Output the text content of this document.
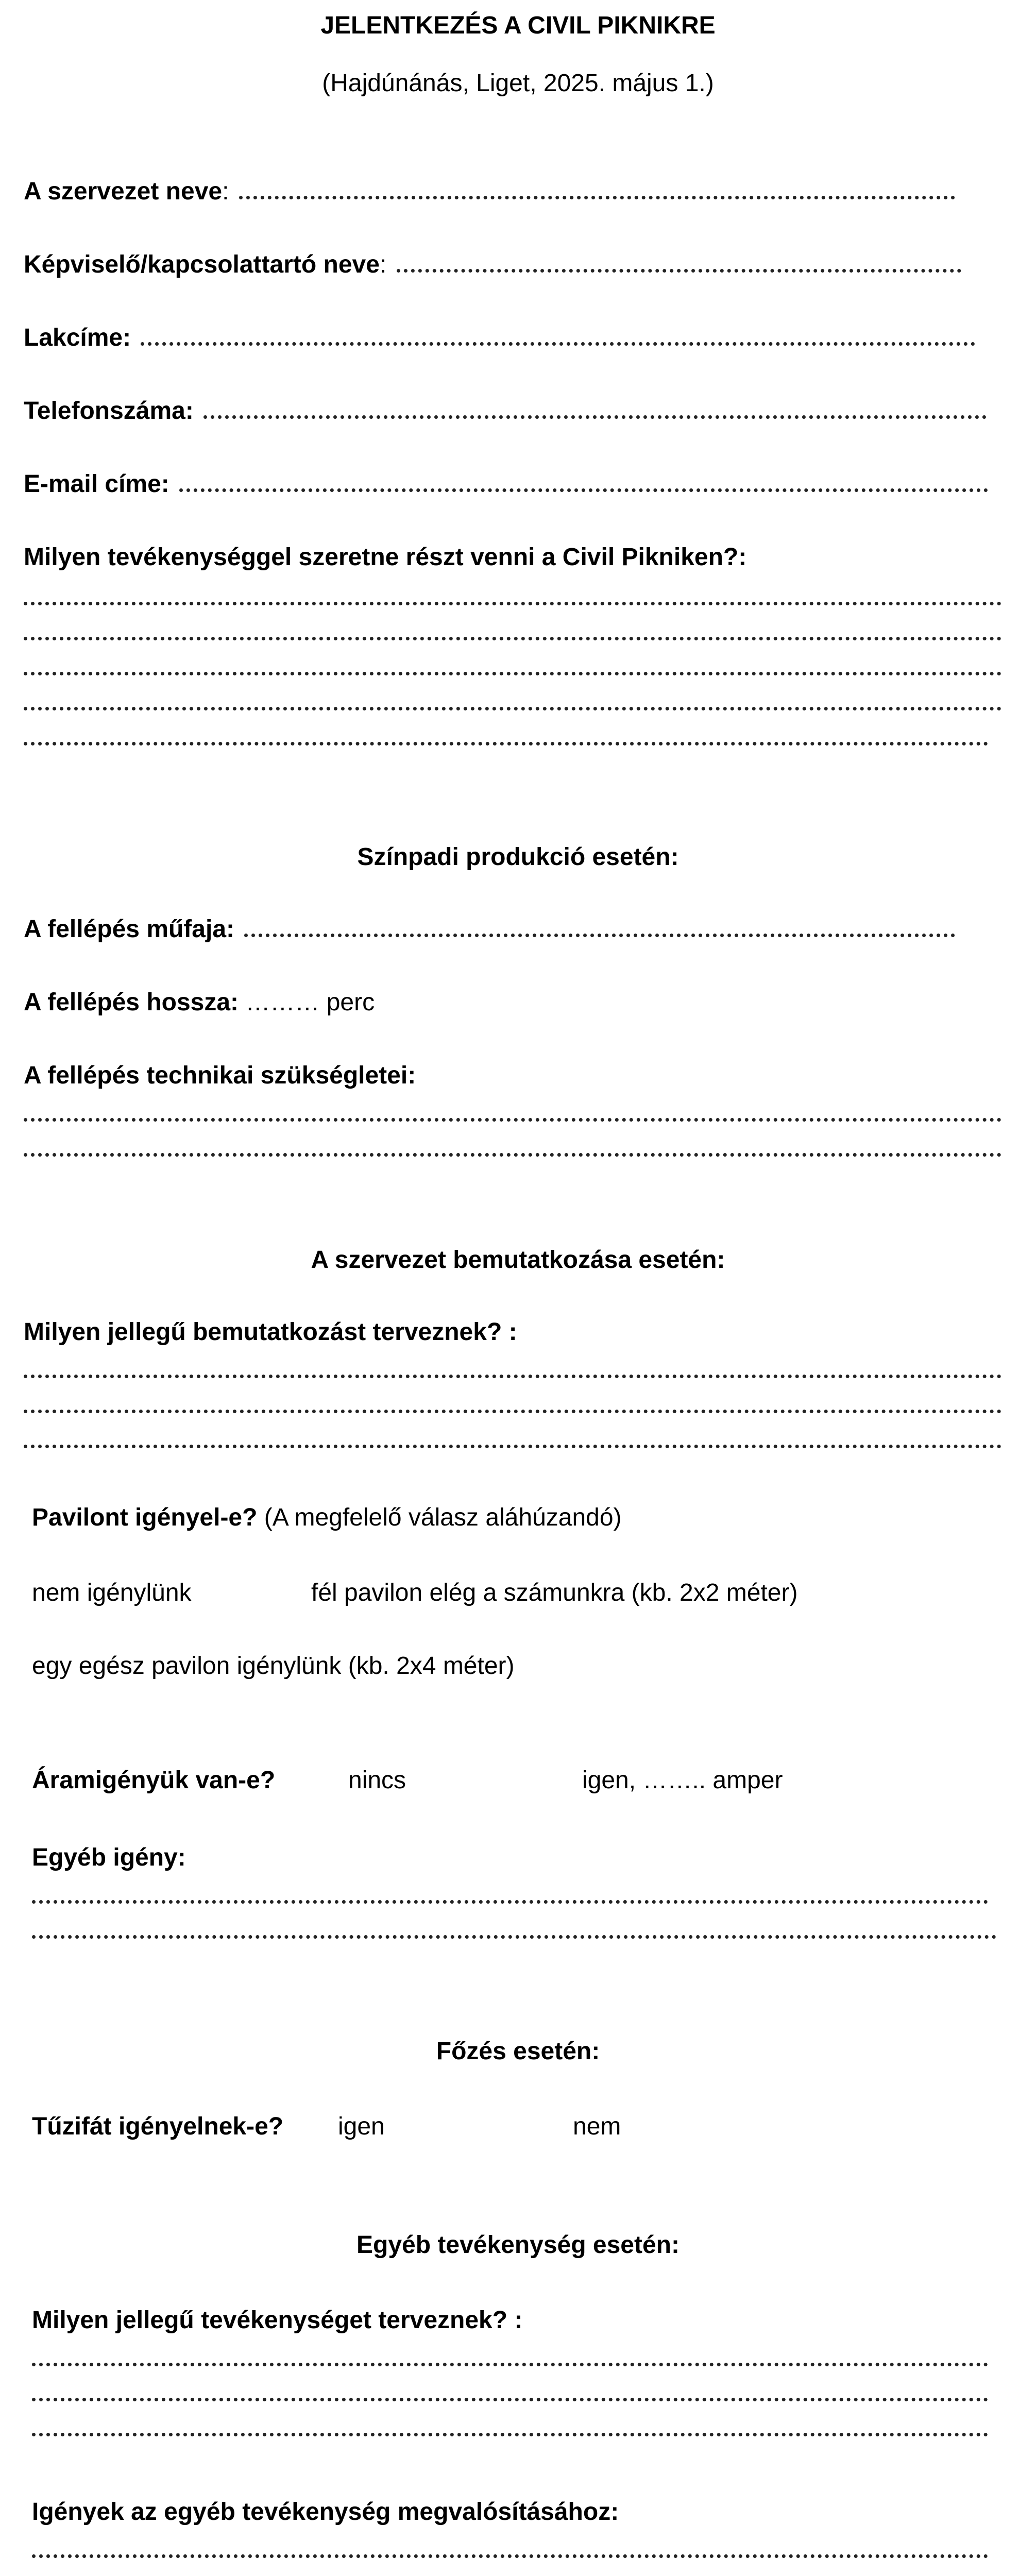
JELENTKEZÉS A CIVIL PIKNIKRE
(Hajdúnánás, Liget, 2025. május 1.)
A szervezet neve:
Képviselő/kapcsolattartó neve:
Lakcíme:
Telefonszáma:
E-mail címe:
Milyen tevékenységgel szeretne részt venni a Civil Pikniken?:
Színpadi produkció esetén:
A fellépés műfaja:
A fellépés hossza: ……… perc
A fellépés technikai szükségletei:
A szervezet bemutatkozása esetén:
Milyen jellegű bemutatkozást terveznek? :
Pavilont igényel-e? (A megfelelő válasz aláhúzandó)
nem igénylünk	fél pavilon elég a számunkra (kb. 2x2 méter)
egy egész pavilon igénylünk (kb. 2x4 méter)
Áramigényük van-e?	nincs	igen, …….. amper
Egyéb igény:
Főzés esetén:
Tűzifát igényelnek-e? igen	nem
Egyéb tevékenység esetén:
Milyen jellegű tevékenységet terveznek? :
Igények az egyéb tevékenység megvalósításához:
